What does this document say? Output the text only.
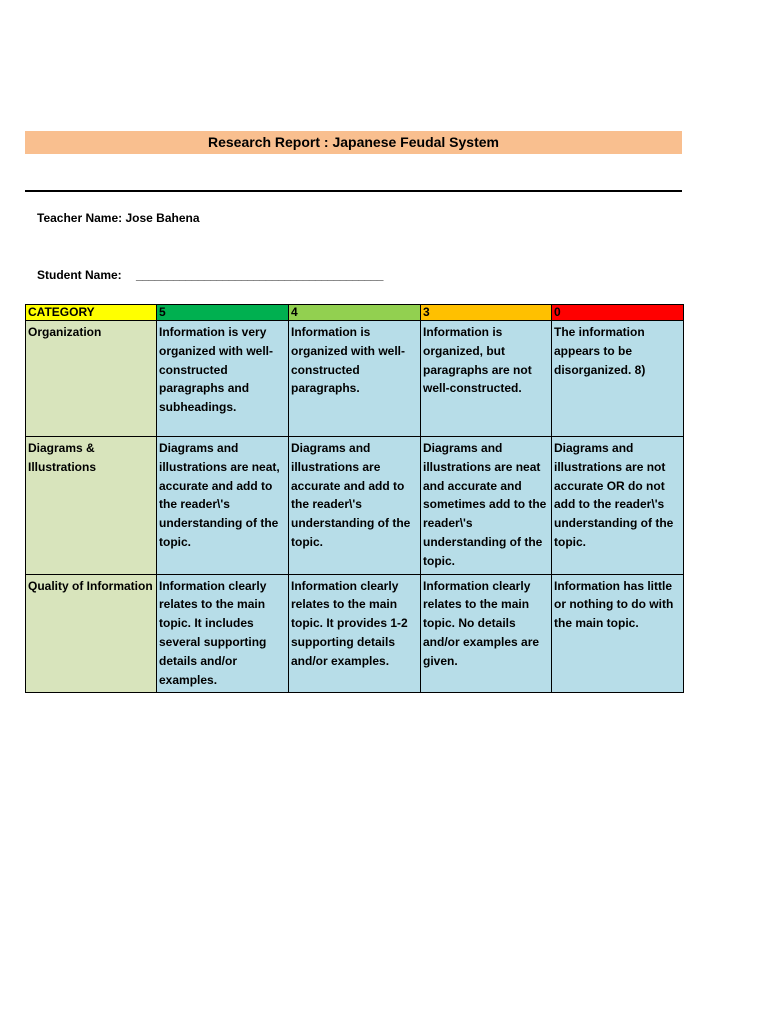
Research Report : Japanese Feudal System
Teacher Name: Jose Bahena
Student Name: ________________________________________
CATEGORY	5	4	3	0
Organization	Information is very organized with well-constructed paragraphs and subheadings.	Information is organized with well-constructed paragraphs.	Information is organized, but paragraphs are not well-constructed.	The information appears to be disorganized. 8)
Diagrams & Illustrations	Diagrams and illustrations are neat, accurate and add to the reader\'s understanding of the topic.	Diagrams and illustrations are accurate and add to the reader\'s understanding of the topic.	Diagrams and illustrations are neat and accurate and sometimes add to the reader\'s understanding of the topic.	Diagrams and illustrations are not accurate OR do not add to the reader\'s understanding of the topic.
Quality of Information	Information clearly relates to the main topic. It includes several supporting details and/or examples.	Information clearly relates to the main topic. It provides 1-2 supporting details and/or examples.	Information clearly relates to the main topic. No details and/or examples are given.	Information has little or nothing to do with the main topic.
